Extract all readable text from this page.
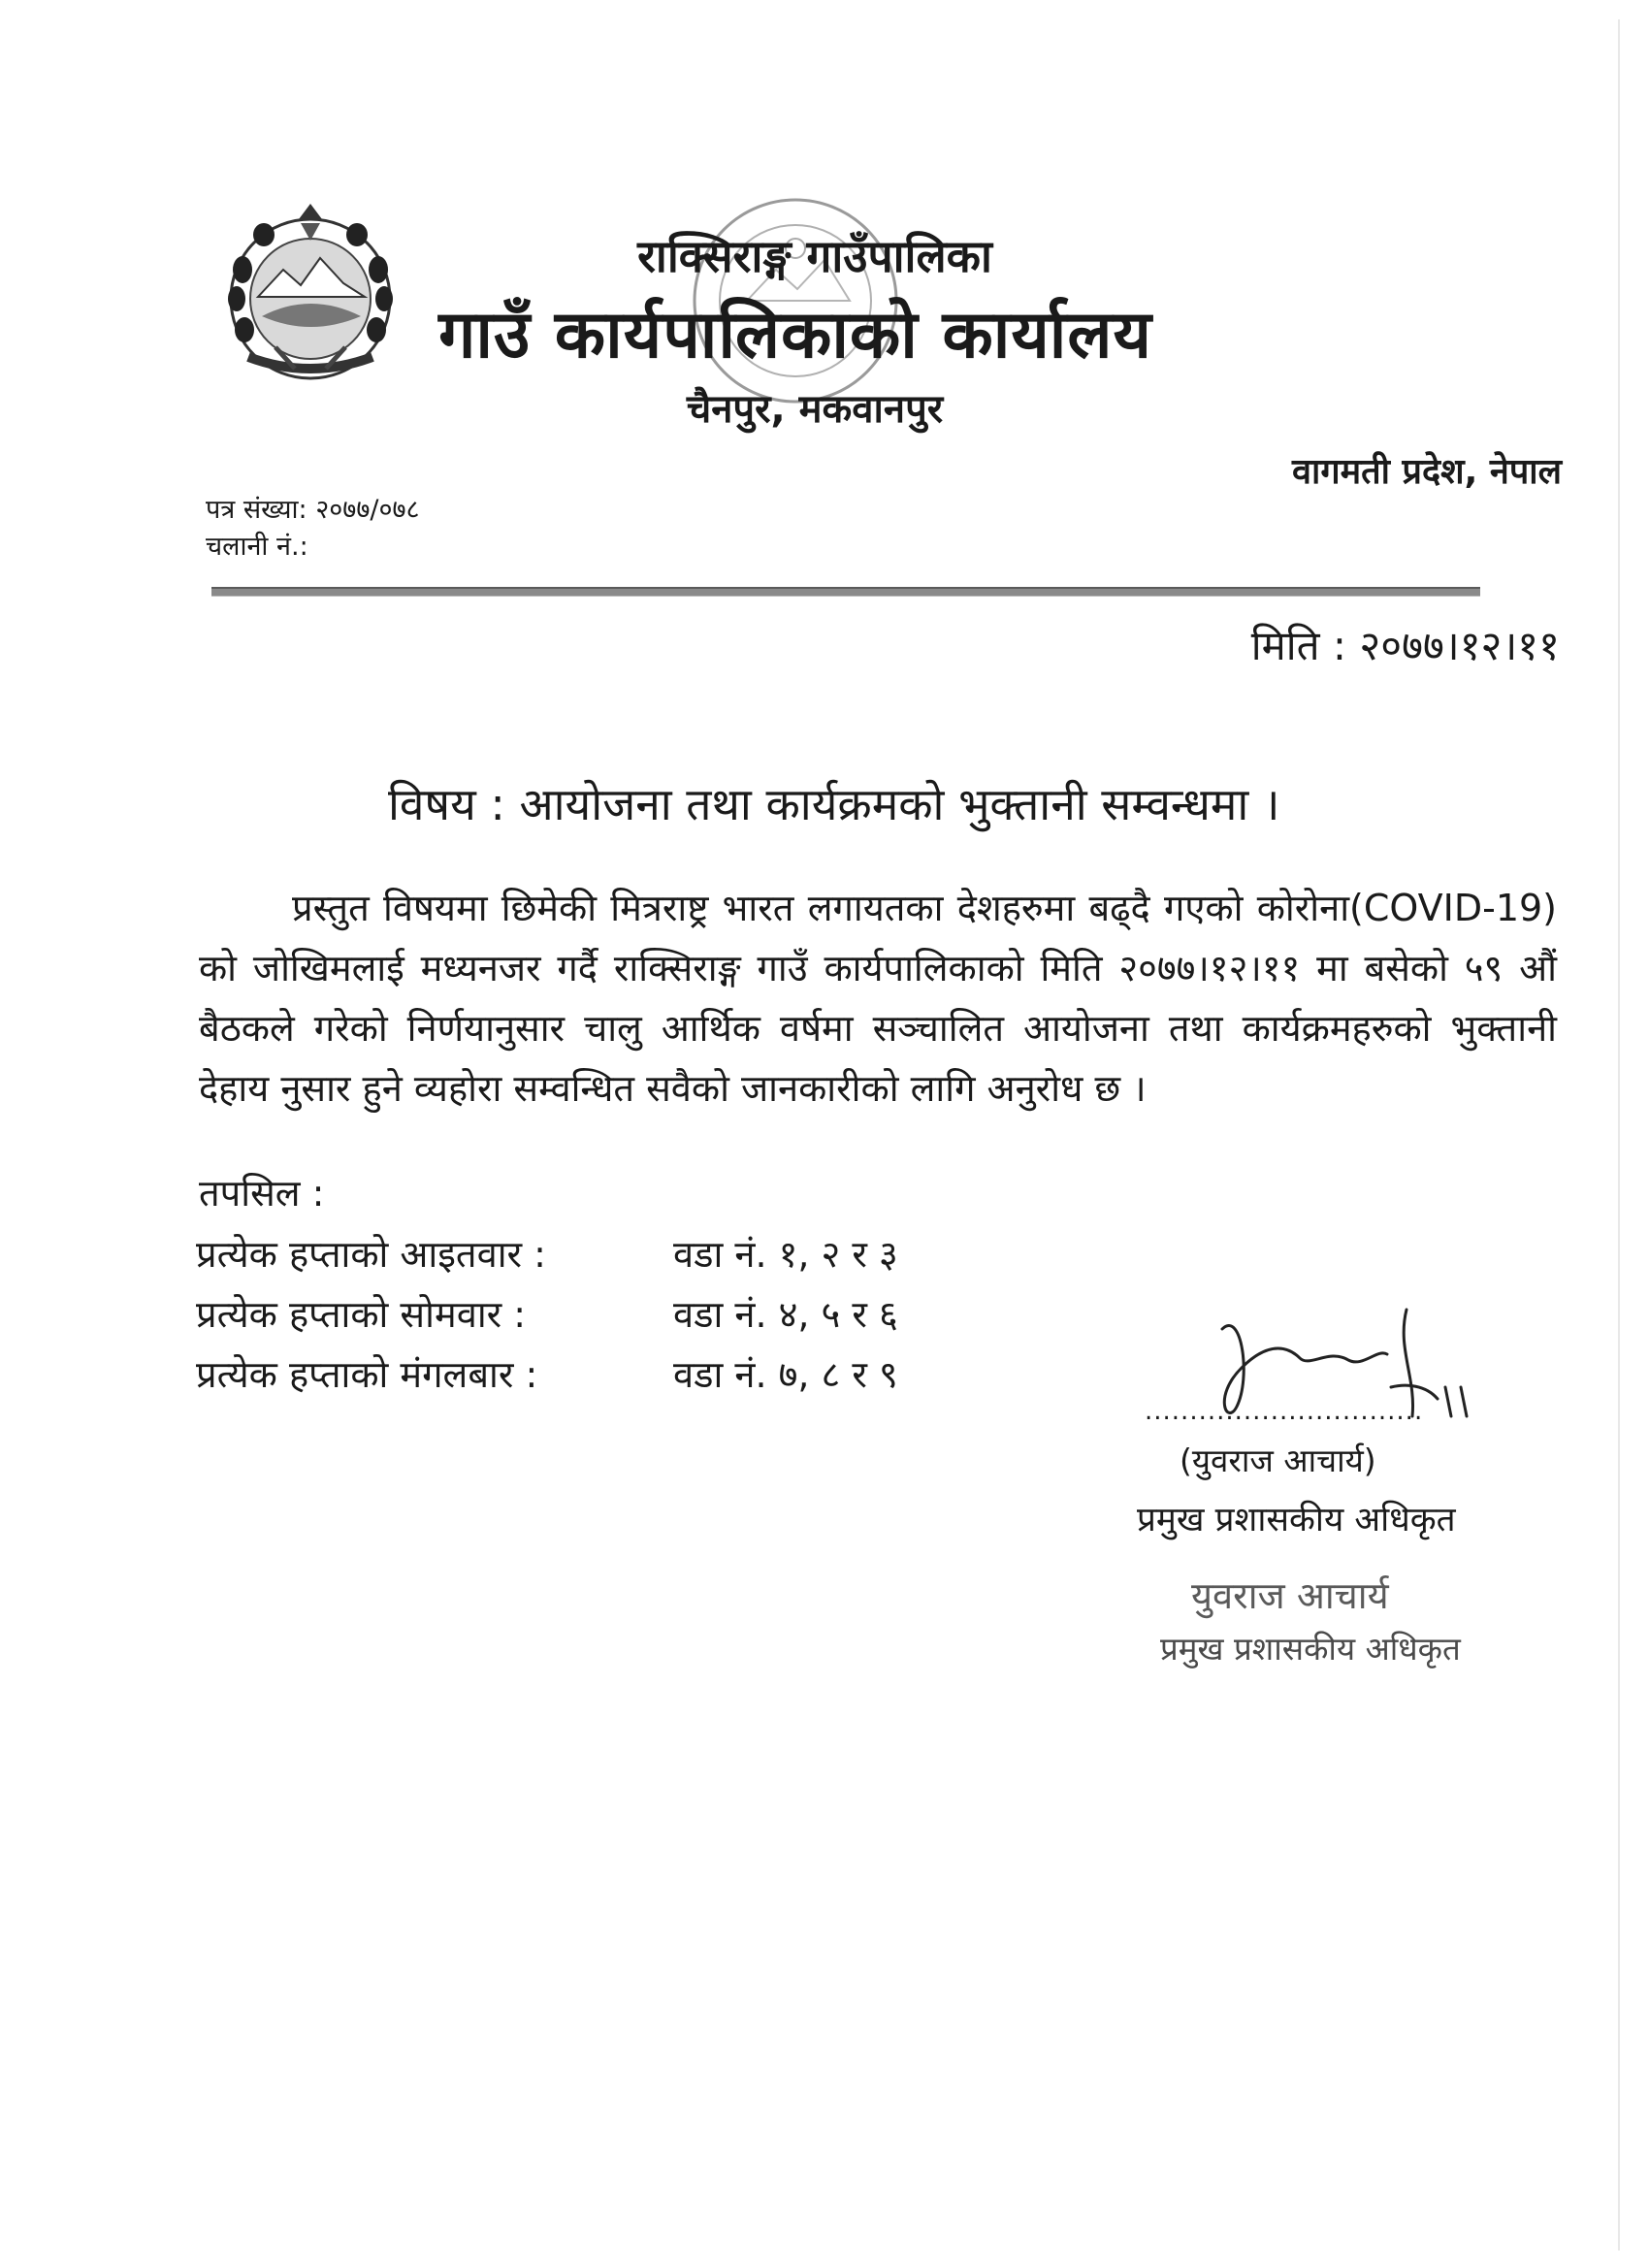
राक्सिराङ्ग गाउँपालिका
गाउँ कार्यपालिकाको कार्यालय
चैनपुर, मकवानपुर
वागमती प्रदेश, नेपाल
पत्र संख्या: २०७७/०७८
चलानी नं.:
मिति : २०७७।१२।११
विषय : आयोजना तथा कार्यक्रमको भुक्तानी सम्वन्धमा ।
प्रस्तुत विषयमा छिमेकी मित्रराष्ट्र भारत लगायतका देशहरुमा बढ्दै गएको कोरोना(COVID-19) को जोखिमलाई मध्यनजर गर्दै राक्सिराङ्ग गाउँ कार्यपालिकाको मिति २०७७।१२।११ मा बसेको ५९ औं बैठकले गरेको निर्णयानुसार चालु आर्थिक वर्षमा सञ्चालित आयोजना तथा कार्यक्रमहरुको भुक्तानी देहाय नुसार हुने व्यहोरा सम्वन्धित सवैको जानकारीको लागि अनुरोध छ ।
तपसिल :
प्रत्येक हप्ताको आइतवार :	वडा नं. १, २ र ३
प्रत्येक हप्ताको सोमवार :	वडा नं. ४, ५ र ६
प्रत्येक हप्ताको मंगलबार :	वडा नं. ७, ८ र ९
...............................
(युवराज आचार्य)
प्रमुख प्रशासकीय अधिकृत
युवराज आचार्य
प्रमुख प्रशासकीय अधिकृत
